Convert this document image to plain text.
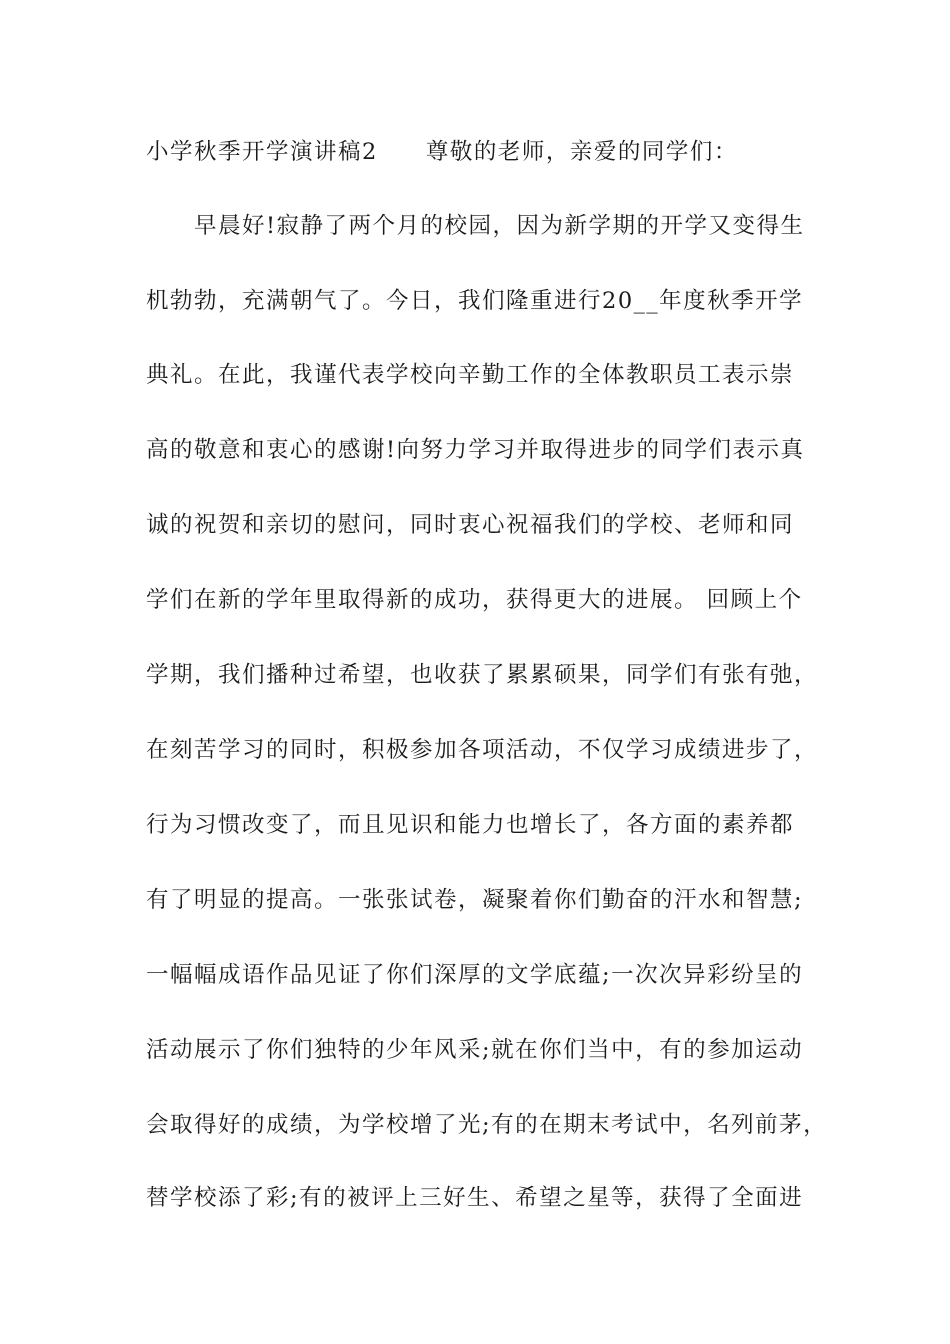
小学秋季开学演讲稿2　　尊敬的老师，亲爱的同学们：
早晨好!寂静了两个月的校园，因为新学期的开学又变得生
机勃勃，充满朝气了。今日，我们隆重进行20__年度秋季开学
典礼。在此，我谨代表学校向辛勤工作的全体教职员工表示崇
高的敬意和衷心的感谢!向努力学习并取得进步的同学们表示真
诚的祝贺和亲切的慰问，同时衷心祝福我们的学校、老师和同
学们在新的学年里取得新的成功，获得更大的进展。 回顾上个
学期，我们播种过希望，也收获了累累硕果，同学们有张有弛，
在刻苦学习的同时，积极参加各项活动，不仅学习成绩进步了，
行为习惯改变了，而且见识和能力也增长了，各方面的素养都
有了明显的提高。一张张试卷，凝聚着你们勤奋的汗水和智慧;
一幅幅成语作品见证了你们深厚的文学底蕴;一次次异彩纷呈的
活动展示了你们独特的少年风采;就在你们当中，有的参加运动
会取得好的成绩，为学校增了光;有的在期末考试中，名列前茅，
替学校添了彩;有的被评上三好生、希望之星等，获得了全面进
